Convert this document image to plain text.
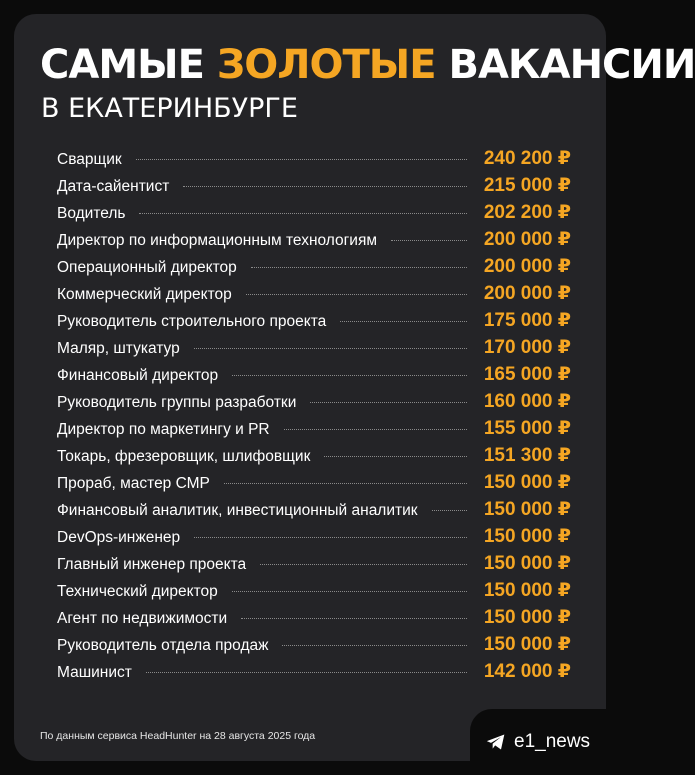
САМЫЕ ЗОЛОТЫЕ ВАКАНСИИ
В ЕКАТЕРИНБУРГЕ
Сварщик	240 200 ₽
Дата-сайентист	215 000 ₽
Водитель	202 200 ₽
Директор по информационным технологиям	200 000 ₽
Операционный директор	200 000 ₽
Коммерческий директор	200 000 ₽
Руководитель строительного проекта	175 000 ₽
Маляр, штукатур	170 000 ₽
Финансовый директор	165 000 ₽
Руководитель группы разработки	160 000 ₽
Директор по маркетингу и PR	155 000 ₽
Токарь, фрезеровщик, шлифовщик	151 300 ₽
Прораб, мастер СМР	150 000 ₽
Финансовый аналитик, инвестиционный аналитик	150 000 ₽
DevOps-инженер	150 000 ₽
Главный инженер проекта	150 000 ₽
Технический директор	150 000 ₽
Агент по недвижимости	150 000 ₽
Руководитель отдела продаж	150 000 ₽
Машинист	142 000 ₽
По данным сервиса HeadHunter на 28 августа 2025 года	e1_news
